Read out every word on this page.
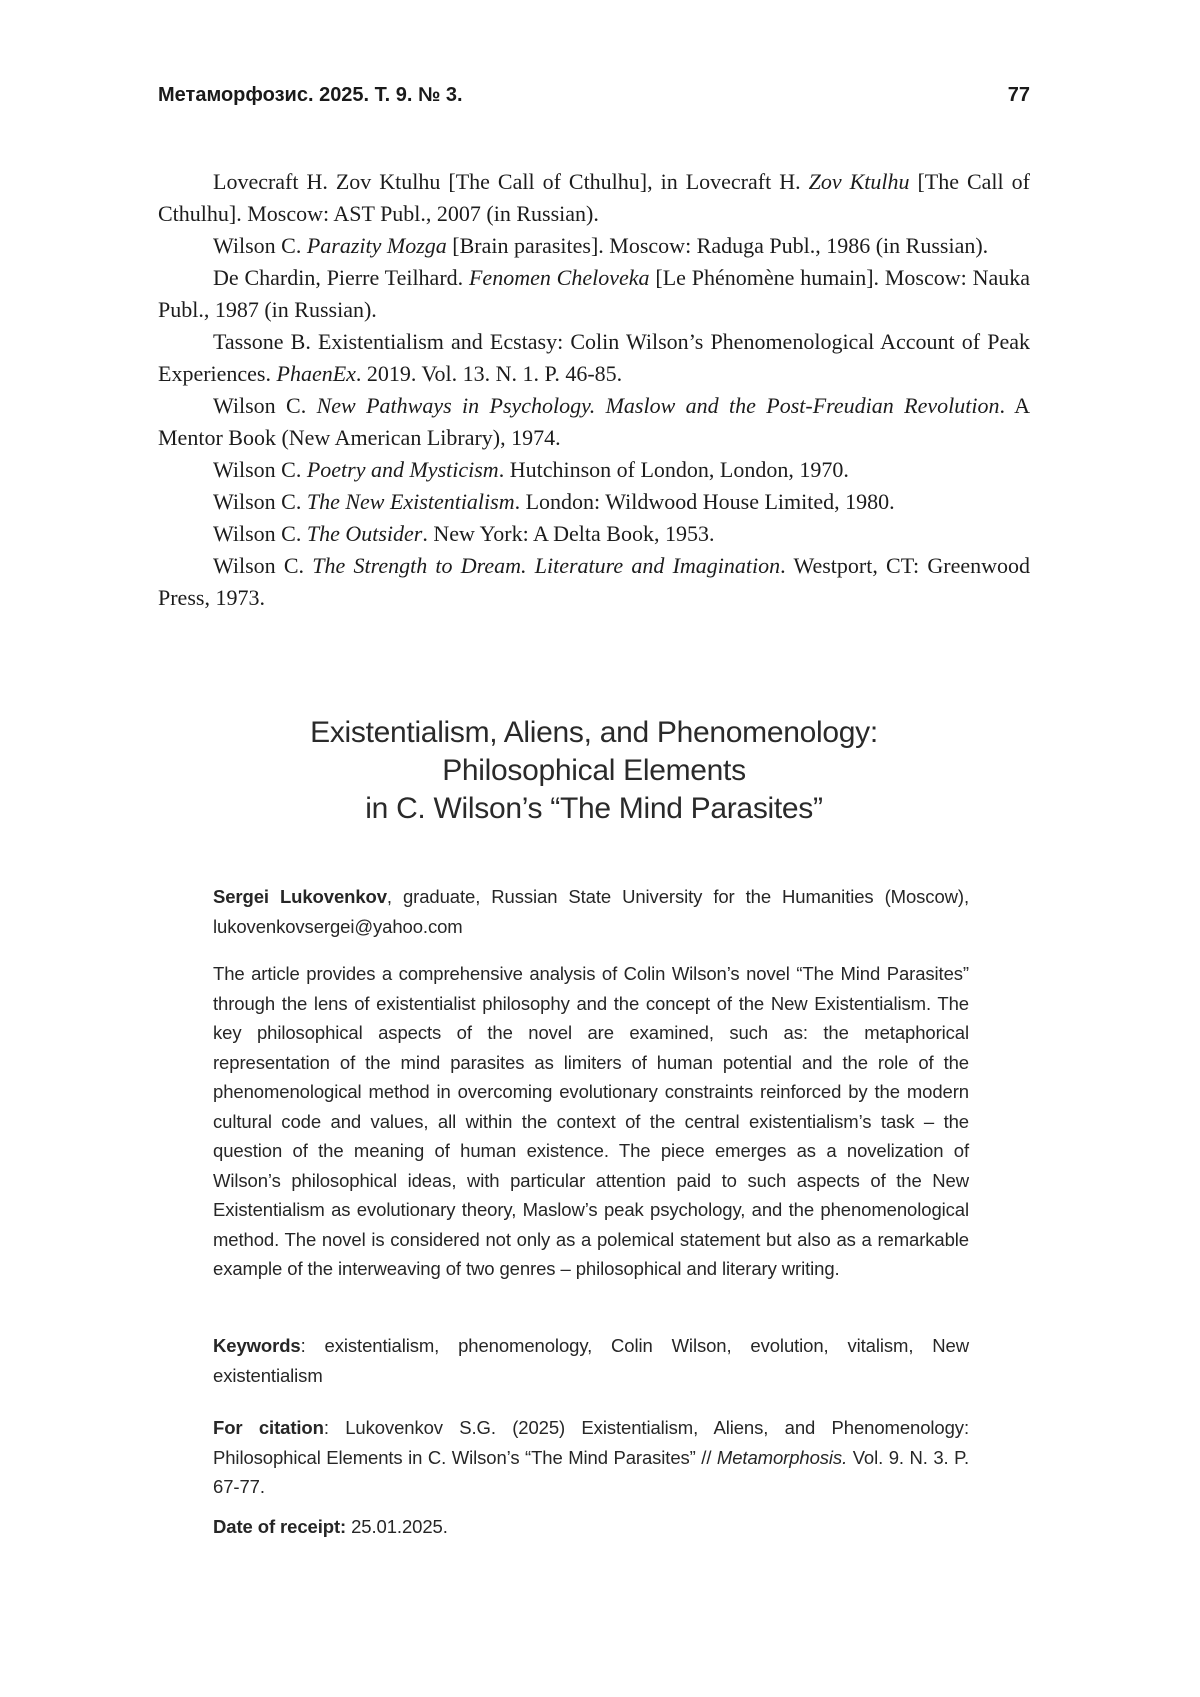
Метаморфозис. 2025. Т. 9. № 3.	77

Lovecraft H. Zov Ktulhu [The Call of Cthulhu], in Lovecraft H. Zov Ktulhu [The Call of Cthulhu]. Moscow: AST Publ., 2007 (in Russian).

Wilson C. Parazity Mozga [Brain parasites]. Moscow: Raduga Publ., 1986 (in Russian).

De Chardin, Pierre Teilhard. Fenomen Cheloveka [Le Phénomène humain]. Moscow: Nauka Publ., 1987 (in Russian).

Tassone B. Existentialism and Ecstasy: Colin Wilson’s Phenomenological Account of Peak Experiences. PhaenEx. 2019. Vol. 13. N. 1. P. 46-85.

Wilson C. New Pathways in Psychology. Maslow and the Post-Freudian Revolution. A Mentor Book (New American Library), 1974.

Wilson C. Poetry and Mysticism. Hutchinson of London, London, 1970.

Wilson C. The New Existentialism. London: Wildwood House Limited, 1980.

Wilson C. The Outsider. New York: A Delta Book, 1953.

Wilson C. The Strength to Dream. Literature and Imagination. Westport, CT: Greenwood Press, 1973.

Existentialism, Aliens, and Phenomenology:
Philosophical Elements
in C. Wilson’s “The Mind Parasites”

Sergei Lukovenkov, graduate, Russian State University for the Humanities (Moscow), lukovenkovsergei@yahoo.com

The article provides a comprehensive analysis of Colin Wilson’s novel “The Mind Parasites” through the lens of existentialist philosophy and the concept of the New Existentialism. The key philosophical aspects of the novel are examined, such as: the metaphorical representation of the mind parasites as limiters of human potential and the role of the phenomenological method in overcoming evolutionary constraints reinforced by the modern cultural code and values, all within the context of the central existentialism’s task – the question of the meaning of human existence. The piece emerges as a novelization of Wilson’s philosophical ideas, with particular attention paid to such aspects of the New Existentialism as evolutionary theory, Maslow’s peak psychology, and the phenomenological method. The novel is considered not only as a polemical statement but also as a remarkable example of the interweaving of two genres – philosophical and literary writing.

Keywords: existentialism, phenomenology, Colin Wilson, evolution, vitalism, New existentialism

For citation: Lukovenkov S.G. (2025) Existentialism, Aliens, and Phenomenology: Philosophical Elements in C. Wilson’s “The Mind Parasites” // Metamorphosis. Vol. 9. N. 3. P. 67-77.

Date of receipt: 25.01.2025.
